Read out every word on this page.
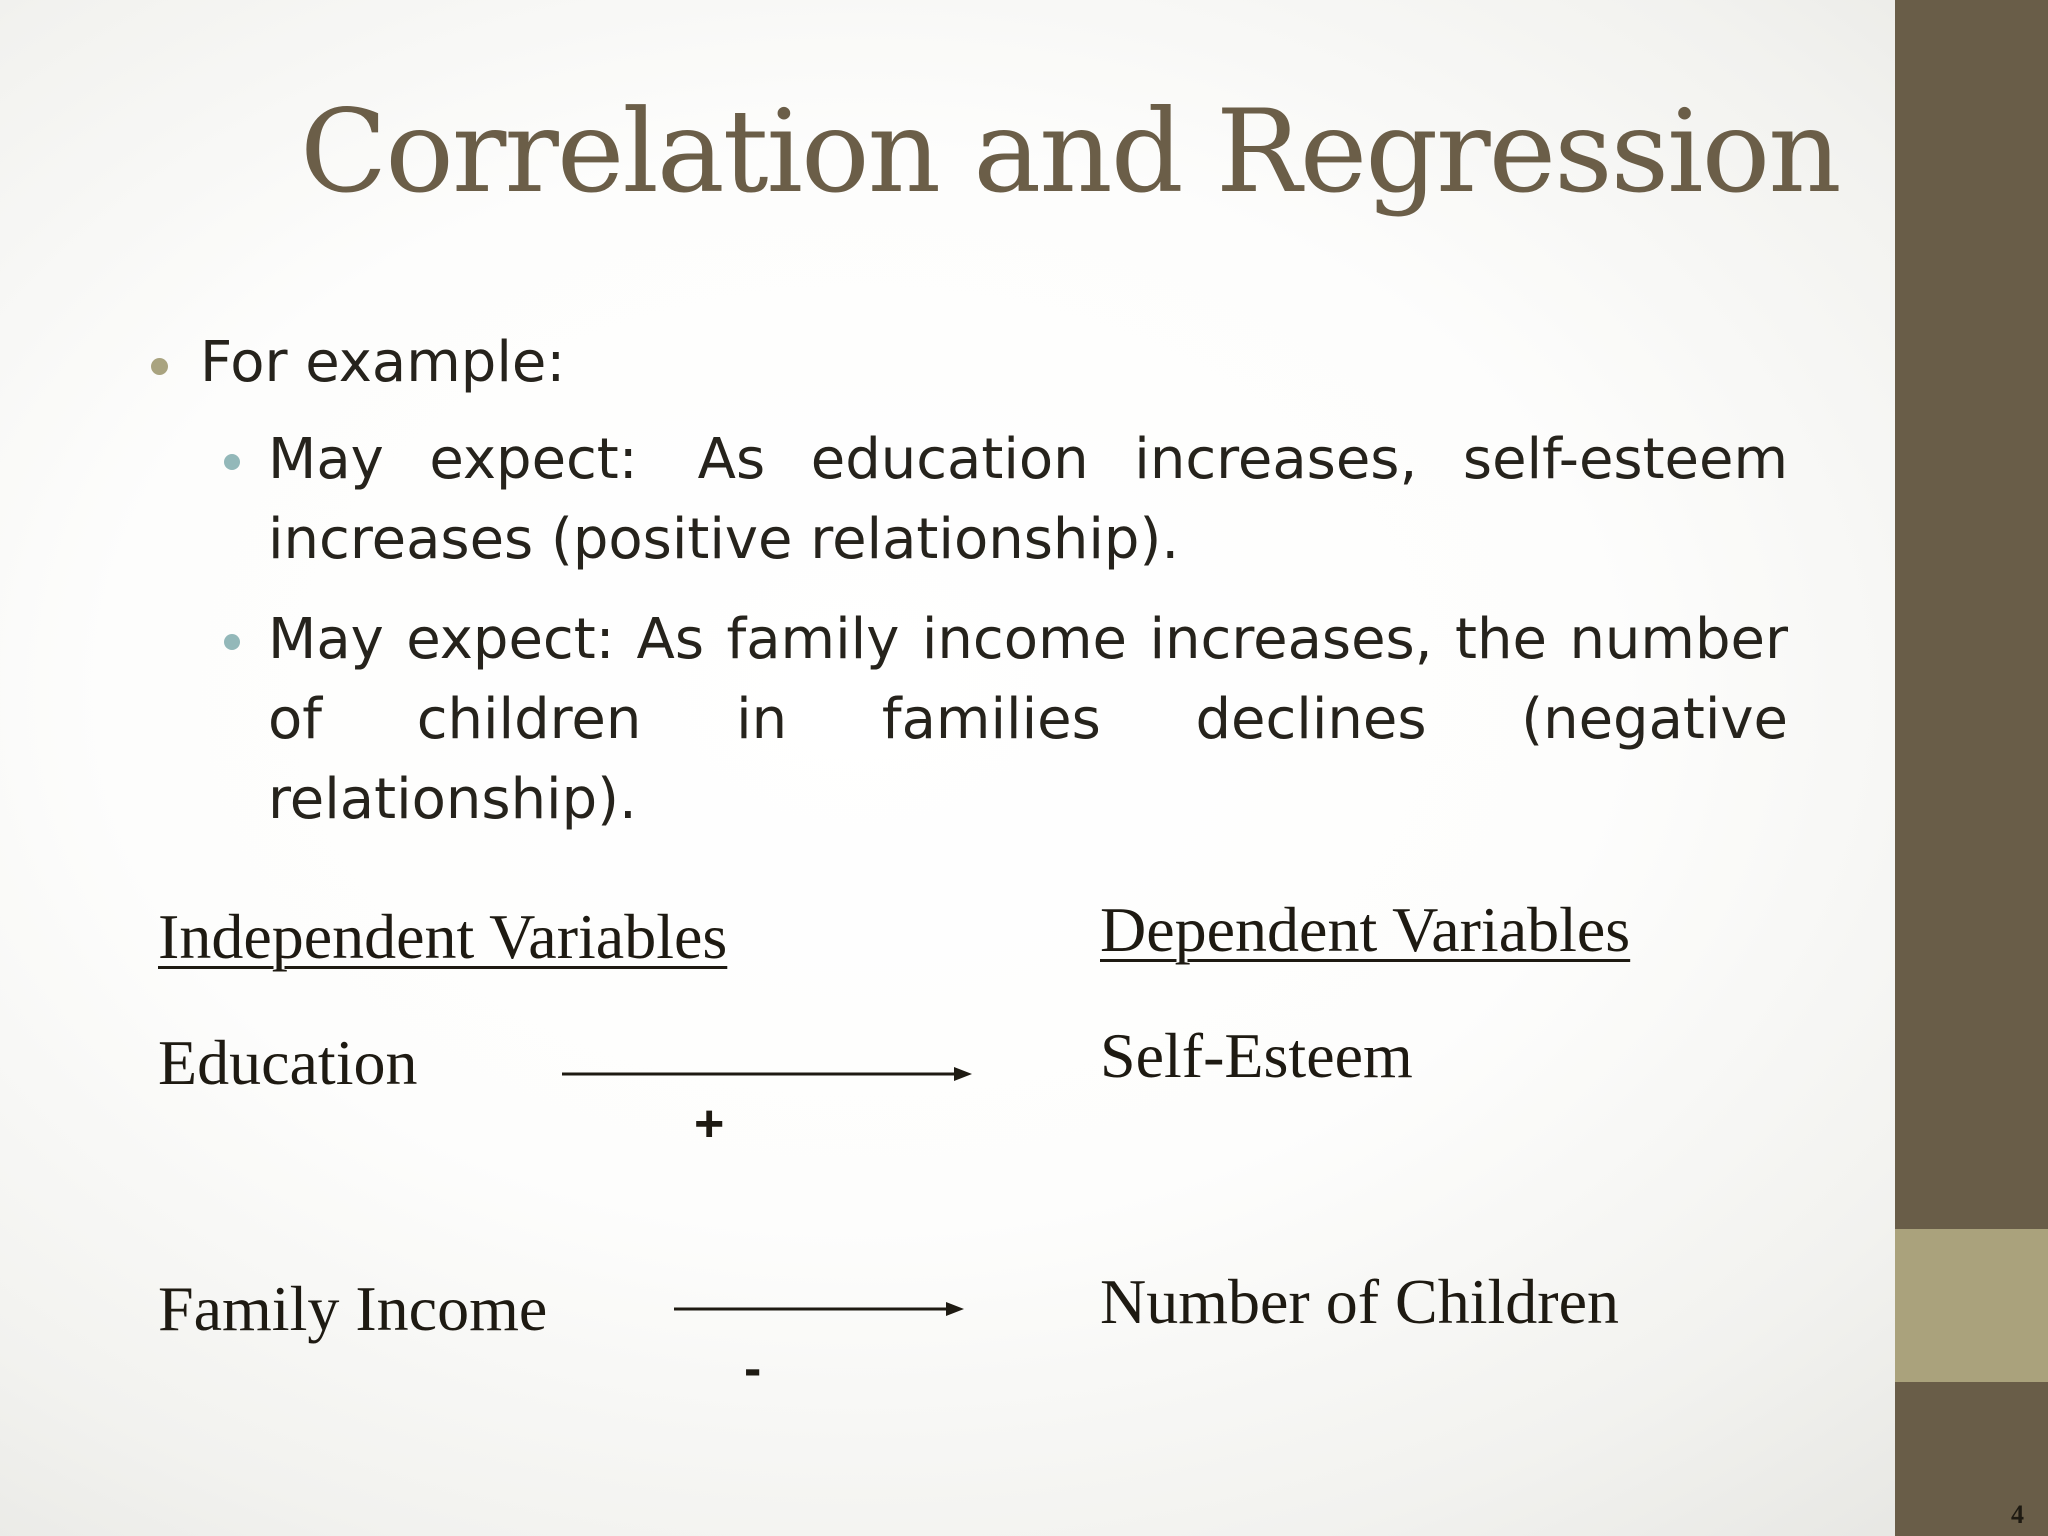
4
Correlation and Regression
For example:
May expect: As education increases, self-esteem increases (positive relationship).
May expect: As family income increases, the number of children in families declines (negative relationship).
Independent Variables	Dependent Variables
Education	Self-Esteem
+
Family Income	Number of Children
-
